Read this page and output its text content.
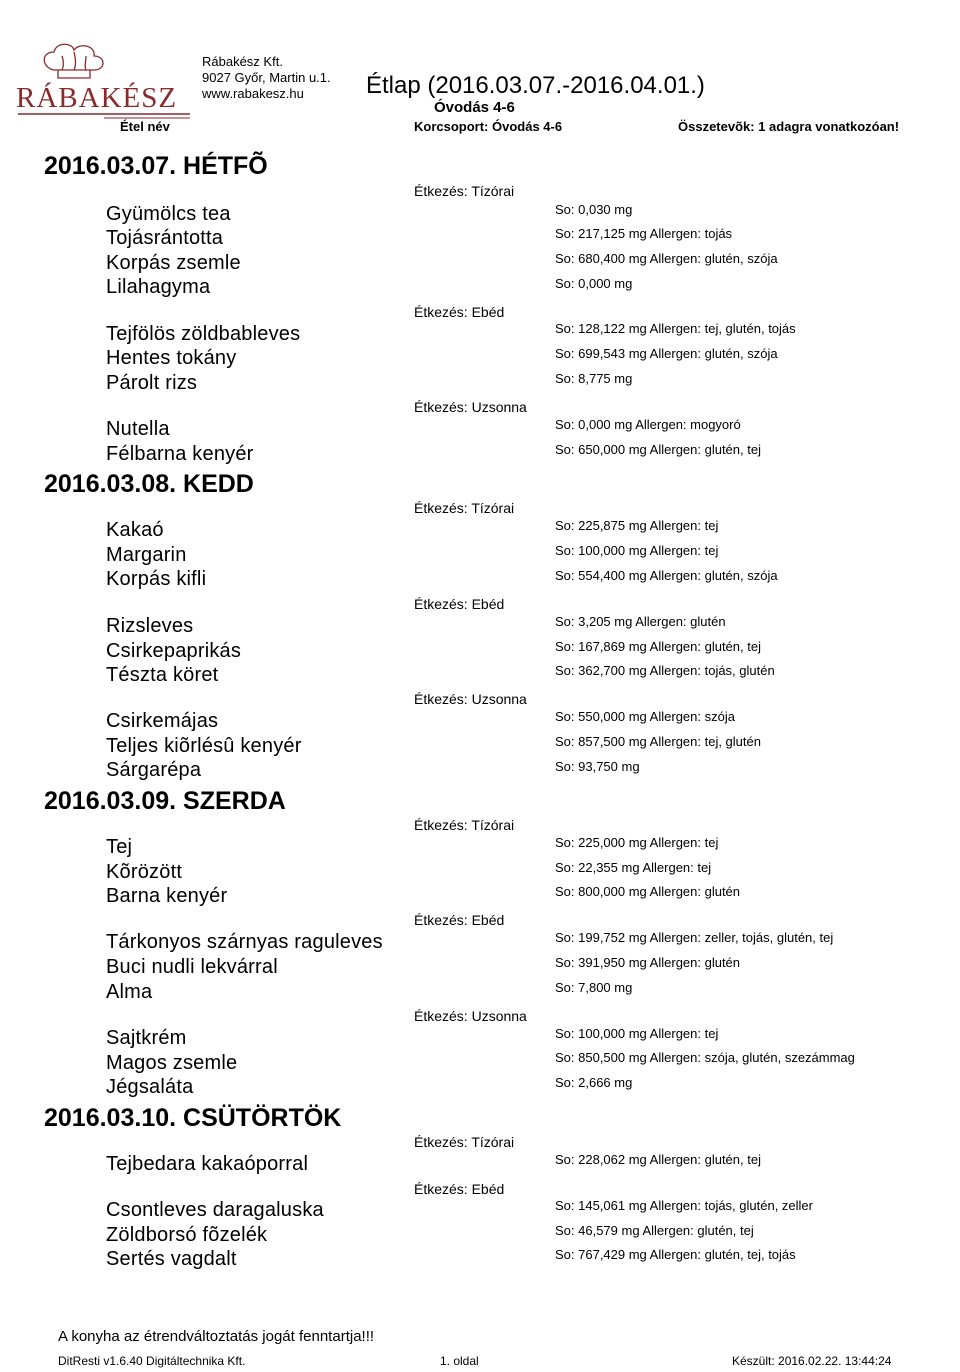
RÁBAKÉSZ
Rábakész Kft.
9027 Győr, Martin u.1.
www.rabakesz.hu	Étlap (2016.03.07.-2016.04.01.)
Óvodás 4-6
Étel név	Korcsoport: Óvodás 4-6	Összetevõk: 1 adagra vonatkozóan!
2016.03.07. HÉTFÕ
Étkezés: Tízórai
Gyümölcs tea	So: 0,030 mg
Tojásrántotta	So: 217,125 mg Allergen: tojás
Korpás zsemle	So: 680,400 mg Allergen: glutén, szója
Lilahagyma	So: 0,000 mg
Étkezés: Ebéd
Tejfölös zöldbableves	So: 128,122 mg Allergen: tej, glutén, tojás
Hentes tokány	So: 699,543 mg Allergen: glutén, szója
Párolt rizs	So: 8,775 mg
Étkezés: Uzsonna
Nutella	So: 0,000 mg Allergen: mogyoró
Félbarna kenyér	So: 650,000 mg Allergen: glutén, tej
2016.03.08. KEDD
Étkezés: Tízórai
Kakaó	So: 225,875 mg Allergen: tej
Margarin	So: 100,000 mg Allergen: tej
Korpás kifli	So: 554,400 mg Allergen: glutén, szója
Étkezés: Ebéd
Rizsleves	So: 3,205 mg Allergen: glutén
Csirkepaprikás	So: 167,869 mg Allergen: glutén, tej
Tészta köret	So: 362,700 mg Allergen: tojás, glutén
Étkezés: Uzsonna
Csirkemájas	So: 550,000 mg Allergen: szója
Teljes kiõrlésû kenyér	So: 857,500 mg Allergen: tej, glutén
Sárgarépa	So: 93,750 mg
2016.03.09. SZERDA
Étkezés: Tízórai
Tej	So: 225,000 mg Allergen: tej
Kõrözött	So: 22,355 mg Allergen: tej
Barna kenyér	So: 800,000 mg Allergen: glutén
Étkezés: Ebéd
Tárkonyos szárnyas raguleves	So: 199,752 mg Allergen: zeller, tojás, glutén, tej
Buci nudli lekvárral	So: 391,950 mg Allergen: glutén
Alma	So: 7,800 mg
Étkezés: Uzsonna
Sajtkrém	So: 100,000 mg Allergen: tej
Magos zsemle	So: 850,500 mg Allergen: szója, glutén, szezámmag
Jégsaláta	So: 2,666 mg
2016.03.10. CSÜTÖRTÖK
Étkezés: Tízórai
Tejbedara kakaóporral	So: 228,062 mg Allergen: glutén, tej
Étkezés: Ebéd
Csontleves daragaluska	So: 145,061 mg Allergen: tojás, glutén, zeller
Zöldborsó fõzelék	So: 46,579 mg Allergen: glutén, tej
Sertés vagdalt	So: 767,429 mg Allergen: glutén, tej, tojás
A konyha az étrendváltoztatás jogát fenntartja!!!
DitResti v1.6.40 Digitáltechnika Kft.	1. oldal	Készült: 2016.02.22. 13:44:24
